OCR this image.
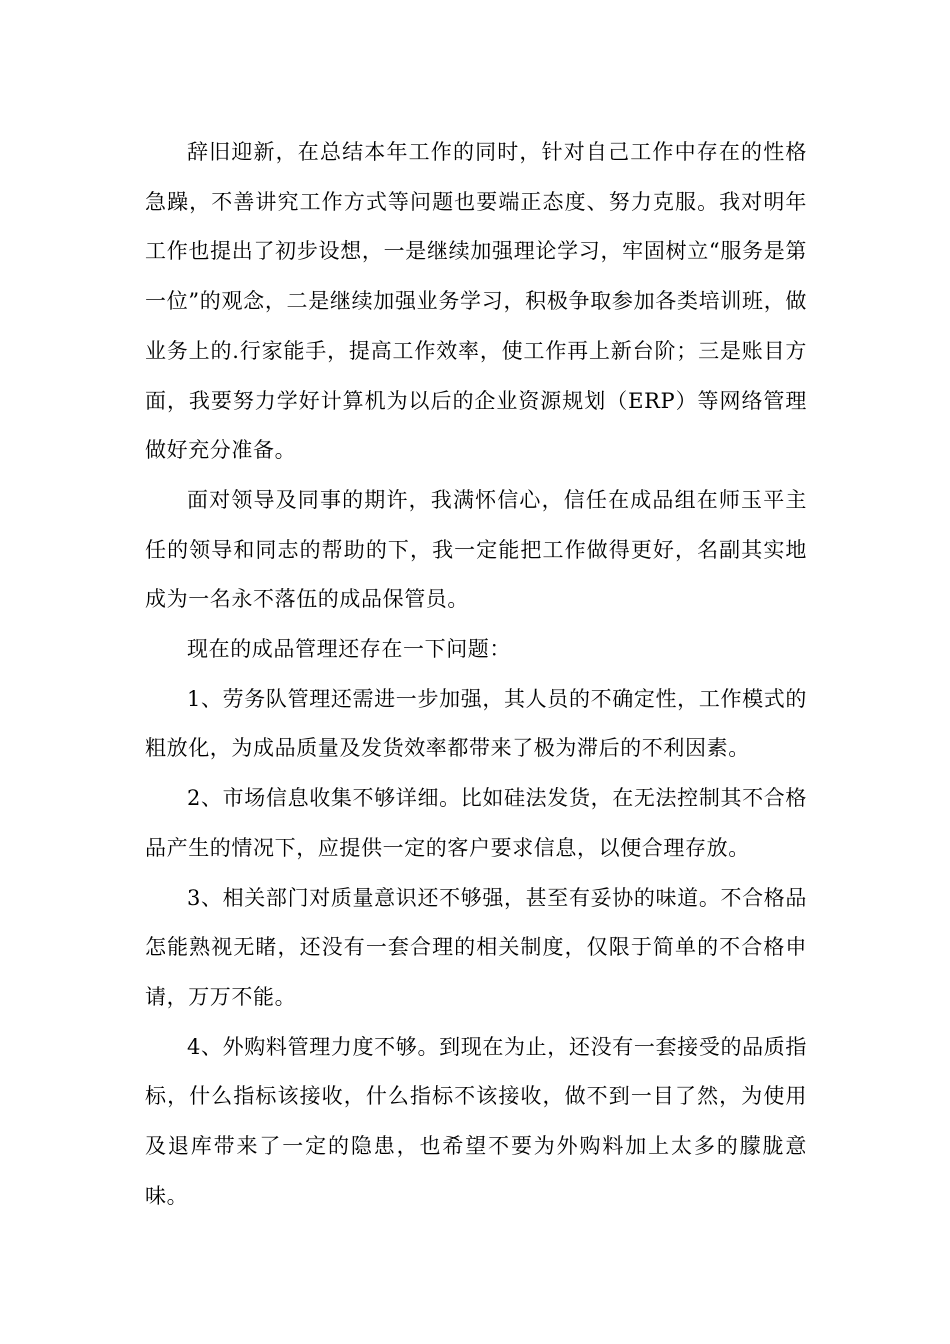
辞旧迎新，在总结本年工作的同时，针对自己工作中存在的性格急躁，不善讲究工作方式等问题也要端正态度、努力克服。我对明年工作也提出了初步设想，一是继续加强理论学习，牢固树立“服务是第一位”的观念，二是继续加强业务学习，积极争取参加各类培训班，做业务上的.行家能手，提高工作效率，使工作再上新台阶；三是账目方面，我要努力学好计算机为以后的企业资源规划（ERP）等网络管理做好充分准备。

面对领导及同事的期许，我满怀信心，信任在成品组在师玉平主任的领导和同志的帮助的下，我一定能把工作做得更好，名副其实地成为一名永不落伍的成品保管员。

现在的成品管理还存在一下问题：

1、劳务队管理还需进一步加强，其人员的不确定性，工作模式的粗放化，为成品质量及发货效率都带来了极为滞后的不利因素。

2、市场信息收集不够详细。比如硅法发货，在无法控制其不合格品产生的情况下，应提供一定的客户要求信息，以便合理存放。

3、相关部门对质量意识还不够强，甚至有妥协的味道。不合格品怎能熟视无睹，还没有一套合理的相关制度，仅限于简单的不合格申请，万万不能。

4、外购料管理力度不够。到现在为止，还没有一套接受的品质指标，什么指标该接收，什么指标不该接收，做不到一目了然，为使用及退库带来了一定的隐患，也希望不要为外购料加上太多的朦胧意味。
